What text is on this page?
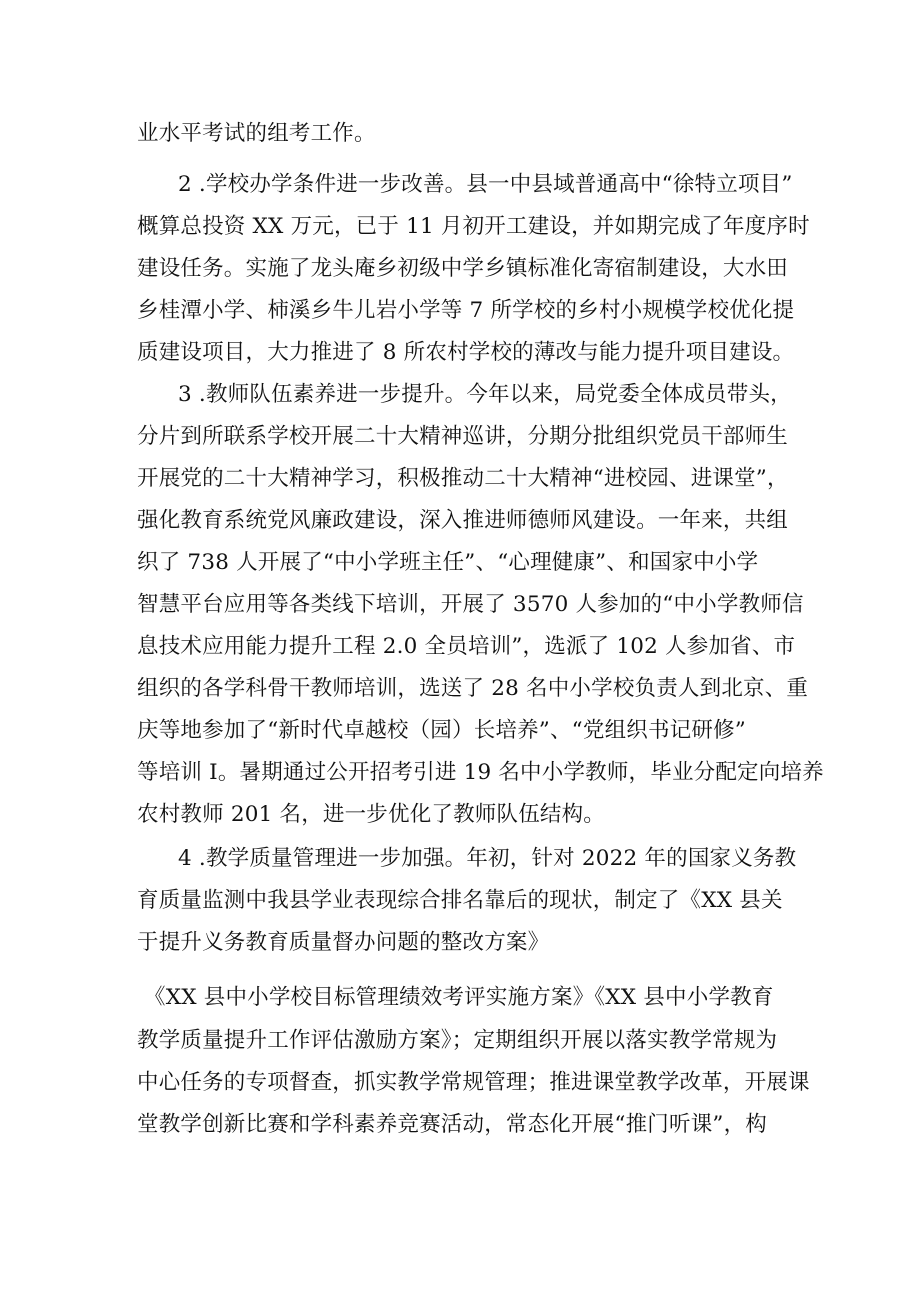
业水平考试的组考工作。

2 .学校办学条件进一步改善。县一中县域普通高中“徐特立项目”

概算总投资 XX 万元，已于 11 月初开工建设，并如期完成了年度序时

建设任务。实施了龙头庵乡初级中学乡镇标准化寄宿制建设，大水田

乡桂潭小学、柿溪乡牛儿岩小学等 7 所学校的乡村小规模学校优化提

质建设项目，大力推进了 8 所农村学校的薄改与能力提升项目建设。

3 .教师队伍素养进一步提升。今年以来，局党委全体成员带头，

分片到所联系学校开展二十大精神巡讲，分期分批组织党员干部师生

开展党的二十大精神学习，积极推动二十大精神“进校园、进课堂”，

强化教育系统党风廉政建设，深入推进师德师风建设。一年来，共组

织了 738 人开展了“中小学班主任”、“心理健康”、和国家中小学

智慧平台应用等各类线下培训，开展了 3570 人参加的“中小学教师信

息技术应用能力提升工程 2.0 全员培训”，选派了 102 人参加省、市

组织的各学科骨干教师培训，选送了 28 名中小学校负责人到北京、重

庆等地参加了“新时代卓越校（园）长培养”、“党组织书记研修”

等培训 I。暑期通过公开招考引进 19 名中小学教师，毕业分配定向培养

农村教师 201 名，进一步优化了教师队伍结构。

4 .教学质量管理进一步加强。年初，针对 2022 年的国家义务教

育质量监测中我县学业表现综合排名靠后的现状，制定了《XX 县关

于提升义务教育质量督办问题的整改方案》

《XX 县中小学校目标管理绩效考评实施方案》《XX 县中小学教育

教学质量提升工作评估激励方案》；定期组织开展以落实教学常规为

中心任务的专项督查，抓实教学常规管理；推进课堂教学改革，开展课

堂教学创新比赛和学科素养竞赛活动，常态化开展“推门听课”，构
